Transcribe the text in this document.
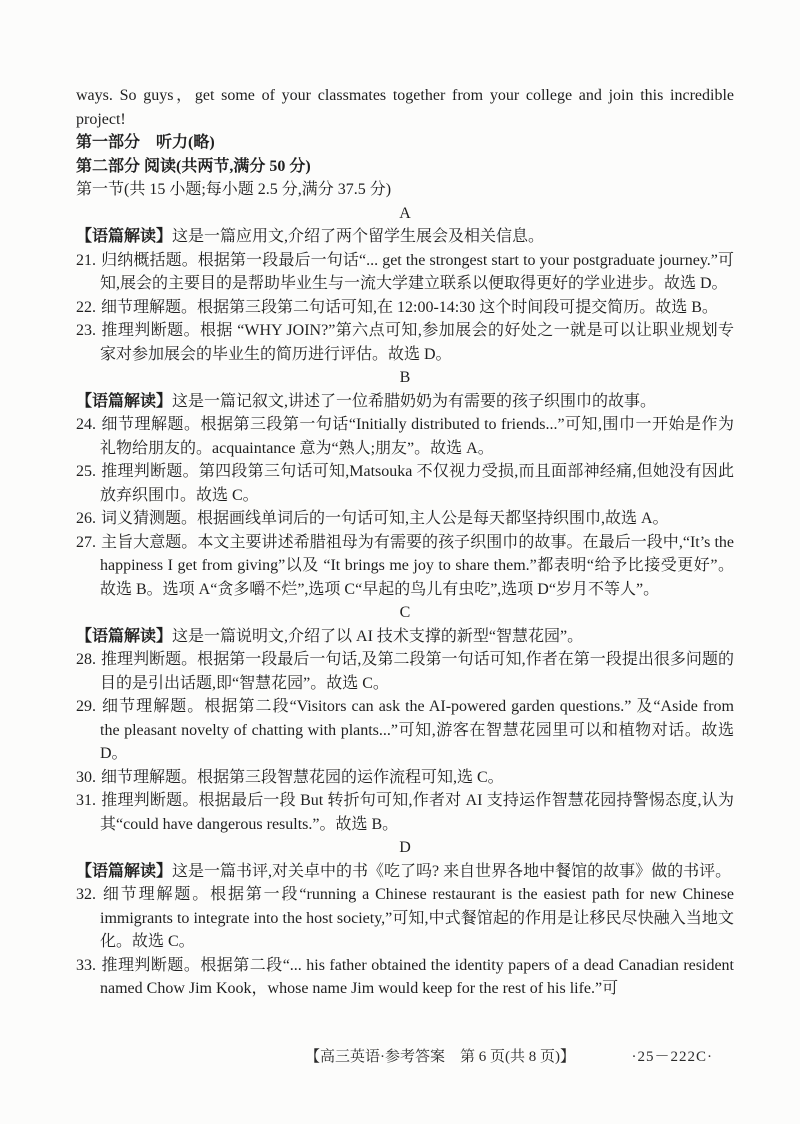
ways. So guys，get some of your classmates together from your college and join this incredible project!

第一部分　听力(略)

第二部分 阅读(共两节,满分 50 分)

第一节(共 15 小题;每小题 2.5 分,满分 37.5 分)

A

【语篇解读】这是一篇应用文,介绍了两个留学生展会及相关信息。

21. 归纳概括题。根据第一段最后一句话“... get the strongest start to your postgraduate journey.”可知,展会的主要目的是帮助毕业生与一流大学建立联系以便取得更好的学业进步。故选 D。

22. 细节理解题。根据第三段第二句话可知,在 12:00-14:30 这个时间段可提交简历。故选 B。

23. 推理判断题。根据 “WHY JOIN?”第六点可知,参加展会的好处之一就是可以让职业规划专家对参加展会的毕业生的简历进行评估。故选 D。

B

【语篇解读】这是一篇记叙文,讲述了一位希腊奶奶为有需要的孩子织围巾的故事。

24. 细节理解题。根据第三段第一句话“Initially distributed to friends...”可知,围巾一开始是作为礼物给朋友的。acquaintance 意为“熟人;朋友”。故选 A。

25. 推理判断题。第四段第三句话可知,Matsouka 不仅视力受损,而且面部神经痛,但她没有因此放弃织围巾。故选 C。

26. 词义猜测题。根据画线单词后的一句话可知,主人公是每天都坚持织围巾,故选 A。

27. 主旨大意题。本文主要讲述希腊祖母为有需要的孩子织围巾的故事。在最后一段中,“It’s the happiness I get from giving”以及 “It brings me joy to share them.”都表明“给予比接受更好”。故选 B。选项 A“贪多嚼不烂”,选项 C“早起的鸟儿有虫吃”,选项 D“岁月不等人”。

C

【语篇解读】这是一篇说明文,介绍了以 AI 技术支撑的新型“智慧花园”。

28. 推理判断题。根据第一段最后一句话,及第二段第一句话可知,作者在第一段提出很多问题的目的是引出话题,即“智慧花园”。故选 C。

29. 细节理解题。根据第二段“Visitors can ask the AI-powered garden questions.” 及“Aside from the pleasant novelty of chatting with plants...”可知,游客在智慧花园里可以和植物对话。故选 D。

30. 细节理解题。根据第三段智慧花园的运作流程可知,选 C。

31. 推理判断题。根据最后一段 But 转折句可知,作者对 AI 支持运作智慧花园持警惕态度,认为其“could have dangerous results.”。故选 B。

D

【语篇解读】这是一篇书评,对关卓中的书《吃了吗? 来自世界各地中餐馆的故事》做的书评。

32. 细节理解题。根据第一段“running a Chinese restaurant is the easiest path for new Chinese immigrants to integrate into the host society,”可知,中式餐馆起的作用是让移民尽快融入当地文化。故选 C。

33. 推理判断题。根据第二段“... his father obtained the identity papers of a dead Canadian resident named Chow Jim Kook，whose name Jim would keep for the rest of his life.”可

【高三英语·参考答案　第 6 页(共 8 页)】	·25－222C·
